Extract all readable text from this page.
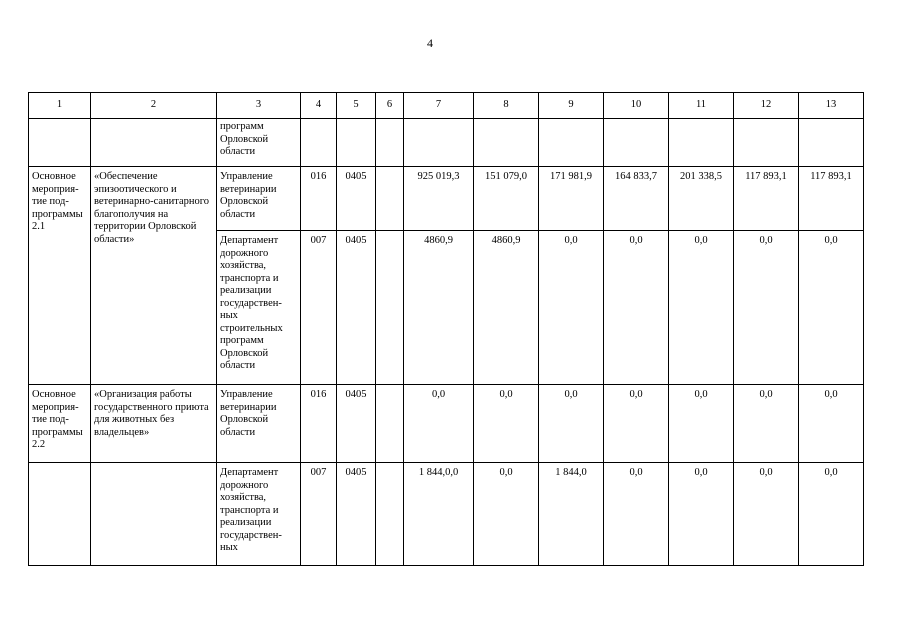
4
1	2	3	4	5	6	7	8	9	10	11	12	13
		программ Орловской области										
Основное мероприя-тие под-программы 2.1	«Обеспечение эпизоотического и ветеринарно-санитарного благополучия на территории Орловской области»	Управление ветеринарии Орловской области	016	0405		925 019,3	151 079,0	171 981,9	164 833,7	201 338,5	117 893,1	117 893,1
		Департамент дорожного хозяйства, транспорта и реализации государствен-ных строительных программ Орловской области	007	0405		4860,9	4860,9	0,0	0,0	0,0	0,0	0,0
Основное мероприя-тие под-программы 2.2	«Организация работы государственного приюта для животных без владельцев»	Управление ветеринарии Орловской области	016	0405		0,0	0,0	0,0	0,0	0,0	0,0	0,0
		Департамент дорожного хозяйства, транспорта и реализации государствен-ных	007	0405		1 844,0,0	0,0	1 844,0	0,0	0,0	0,0	0,0
